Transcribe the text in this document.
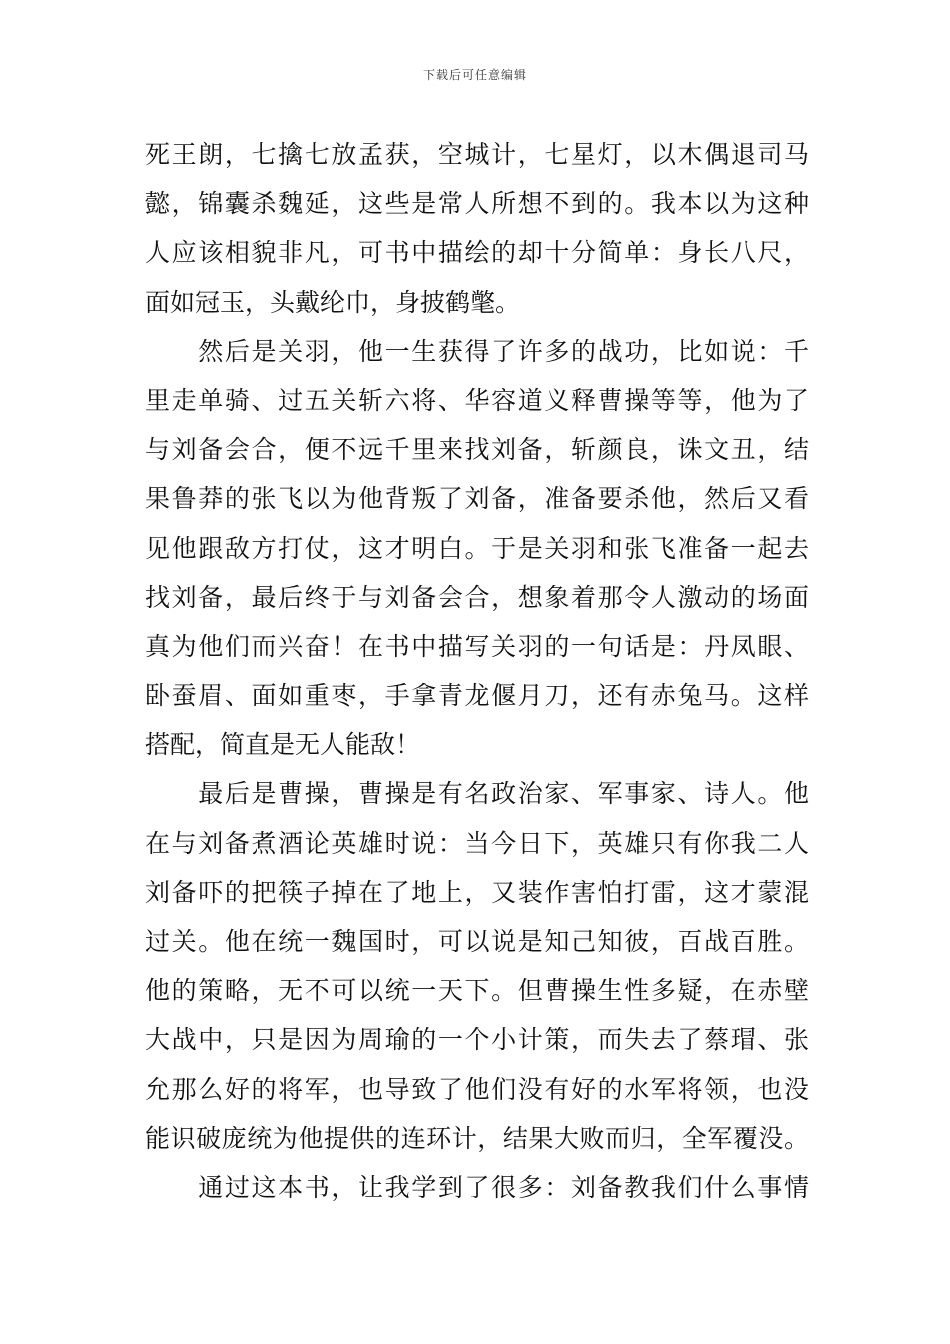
下载后可任意编辑
死王朗，七擒七放孟获，空城计，七星灯，以木偶退司马
懿，锦囊杀魏延，这些是常人所想不到的。我本以为这种
人应该相貌非凡，可书中描绘的却十分简单：身长八尺，
面如冠玉，头戴纶巾，身披鹤氅。
　　然后是关羽，他一生获得了许多的战功，比如说：千
里走单骑、过五关斩六将、华容道义释曹操等等，他为了
与刘备会合，便不远千里来找刘备，斩颜良，诛文丑，结
果鲁莽的张飞以为他背叛了刘备，准备要杀他，然后又看
见他跟敌方打仗，这才明白。于是关羽和张飞准备一起去
找刘备，最后终于与刘备会合，想象着那令人激动的场面
真为他们而兴奋！在书中描写关羽的一句话是：丹凤眼、
卧蚕眉、面如重枣，手拿青龙偃月刀，还有赤兔马。这样
搭配，简直是无人能敌！
　　最后是曹操，曹操是有名政治家、军事家、诗人。他
在与刘备煮酒论英雄时说：当今日下，英雄只有你我二人
刘备吓的把筷子掉在了地上，又装作害怕打雷，这才蒙混
过关。他在统一魏国时，可以说是知己知彼，百战百胜。
他的策略，无不可以统一天下。但曹操生性多疑，在赤壁
大战中，只是因为周瑜的一个小计策，而失去了蔡瑁、张
允那么好的将军，也导致了他们没有好的水军将领，也没
能识破庞统为他提供的连环计，结果大败而归，全军覆没。
　　通过这本书，让我学到了很多：刘备教我们什么事情
